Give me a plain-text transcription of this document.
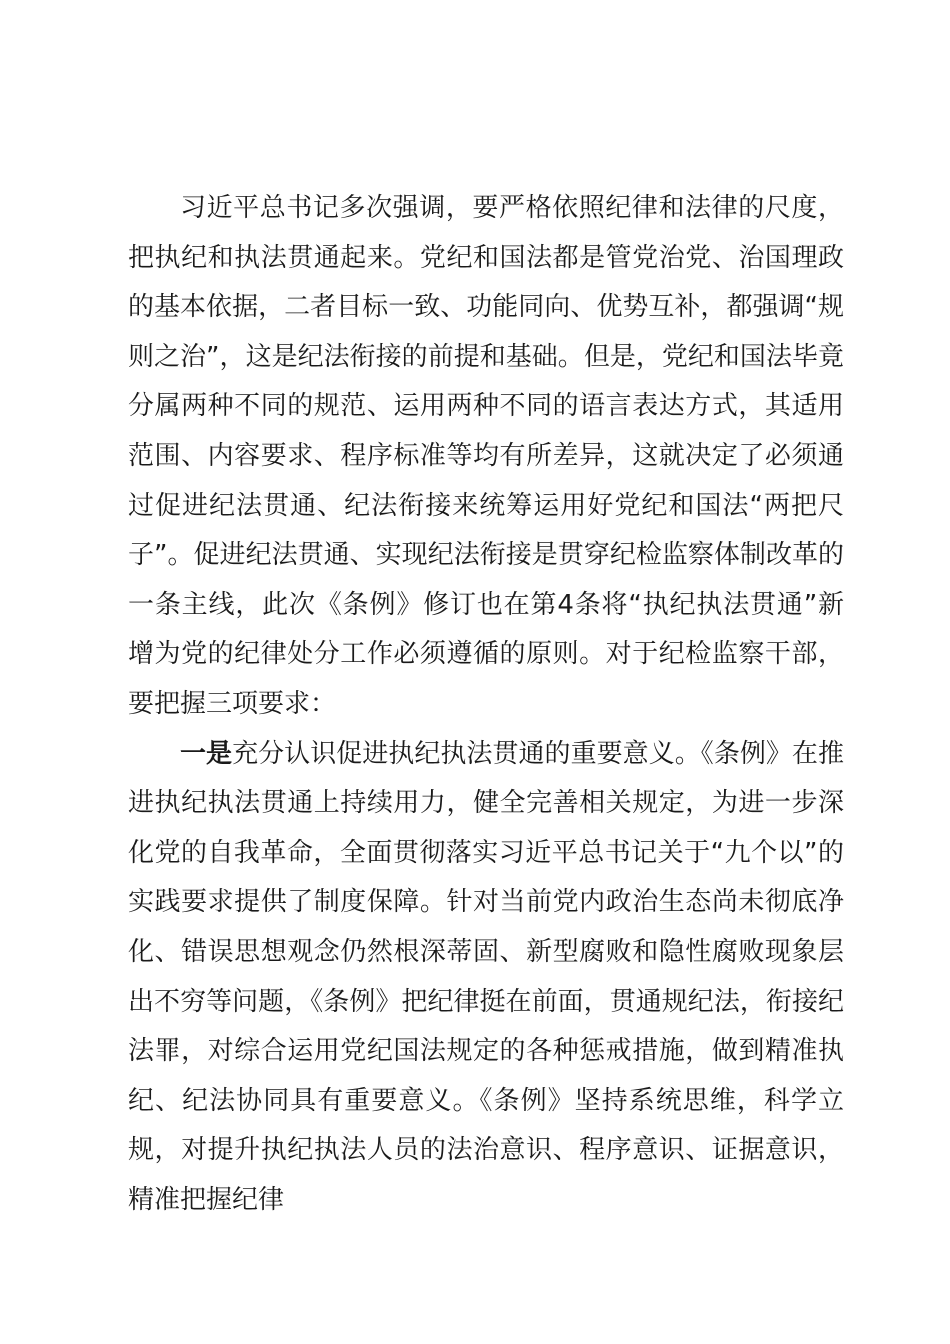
习近平总书记多次强调，要严格依照纪律和法律的尺度，把执纪和执法贯通起来。党纪和国法都是管党治党、治国理政的基本依据，二者目标一致、功能同向、优势互补，都强调“规则之治”，这是纪法衔接的前提和基础。但是，党纪和国法毕竟分属两种不同的规范、运用两种不同的语言表达方式，其适用范围、内容要求、程序标准等均有所差异，这就决定了必须通过促进纪法贯通、纪法衔接来统筹运用好党纪和国法“两把尺子”。促进纪法贯通、实现纪法衔接是贯穿纪检监察体制改革的一条主线，此次《条例》修订也在第4条将“执纪执法贯通”新增为党的纪律处分工作必须遵循的原则。对于纪检监察干部，要把握三项要求：

一是充分认识促进执纪执法贯通的重要意义。《条例》在推进执纪执法贯通上持续用力，健全完善相关规定，为进一步深化党的自我革命，全面贯彻落实习近平总书记关于“九个以”的实践要求提供了制度保障。针对当前党内政治生态尚未彻底净化、错误思想观念仍然根深蒂固、新型腐败和隐性腐败现象层出不穷等问题，《条例》把纪律挺在前面，贯通规纪法，衔接纪法罪，对综合运用党纪国法规定的各种惩戒措施，做到精准执纪、纪法协同具有重要意义。《条例》坚持系统思维，科学立规，对提升执纪执法人员的法治意识、程序意识、证据意识，精准把握纪律
